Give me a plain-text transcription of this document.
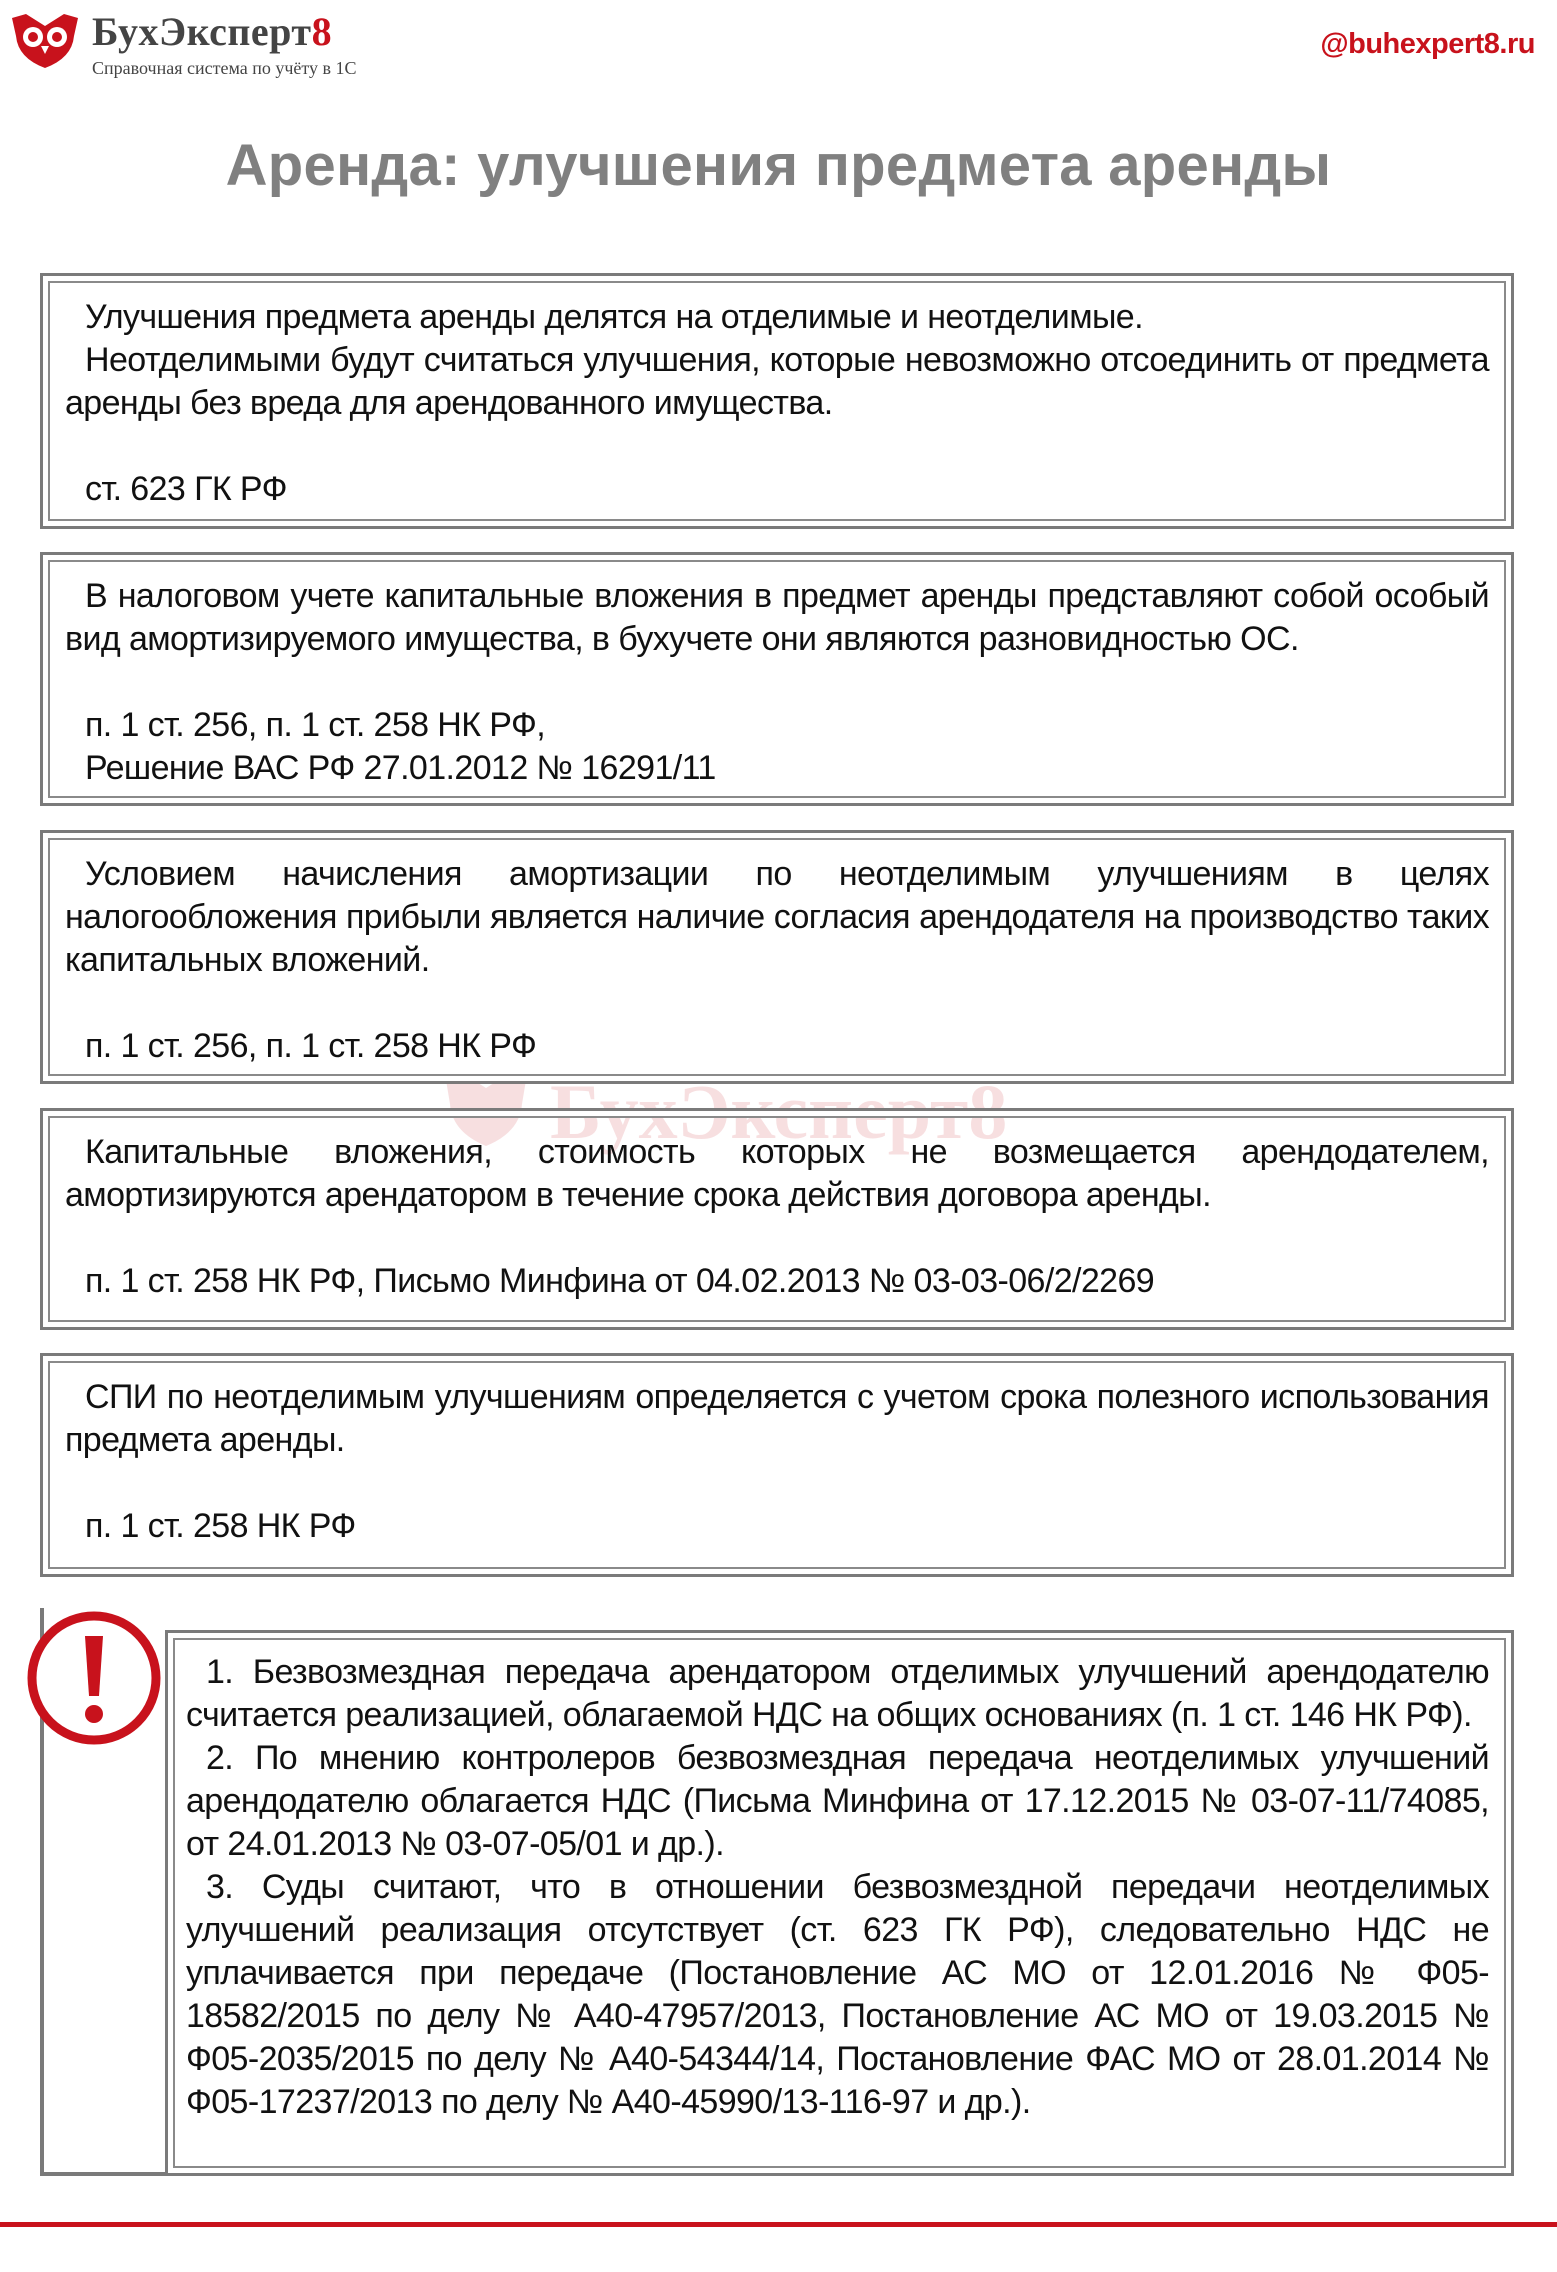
БухЭксперт8
Справочная система по учёту в 1С
@buhexpert8.ru
Аренда: улучшения предмета аренды
БухЭксперт8

Улучшения предмета аренды делятся на отделимые и неотделимые.

Неотделимыми будут считаться улучшения, которые невозможно отсоединить от предмета аренды без вреда для арендованного имущества.

ст. 623 ГК РФ

В налоговом учете капитальные вложения в предмет аренды представляют собой особый вид амортизируемого имущества, в бухучете они являются разновидностью ОС.

п. 1 ст. 256, п. 1 ст. 258 НК РФ,

Решение ВАС РФ 27.01.2012 № 16291/11

Условием начисления амортизации по неотделимым улучшениям в целях налогообложения прибыли является наличие согласия арендодателя на производство таких капитальных вложений.

п. 1 ст. 256, п. 1 ст. 258 НК РФ

Капитальные вложения, стоимость которых не возмещается арендодателем, амортизируются арендатором в течение срока действия договора аренды.

п. 1 ст. 258 НК РФ, Письмо Минфина от 04.02.2013 № 03-03-06/2/2269

СПИ по неотделимым улучшениям определяется с учетом срока полезного использования предмета аренды.

п. 1 ст. 258 НК РФ

1. Безвозмездная передача арендатором отделимых улучшений арендодателю считается реализацией, облагаемой НДС на общих основаниях (п. 1 ст. 146 НК РФ).

2. По мнению контролеров безвозмездная передача неотделимых улучшений арендодателю облагается НДС (Письма Минфина от 17.12.2015 № 03-07-11/74085, от 24.01.2013 № 03-07-05/01 и др.).

3. Суды считают, что в отношении безвозмездной передачи неотделимых улучшений реализация отсутствует (ст. 623 ГК РФ), следовательно НДС не уплачивается при передаче (Постановление АС МО от 12.01.2016 № Ф05-18582/2015 по делу № А40-47957/2013, Постановление АС МО от 19.03.2015 № Ф05-2035/2015 по делу № А40-54344/14, Постановление ФАС МО от 28.01.2014 № Ф05-17237/2013 по делу № А40-45990/13-116-97 и др.).
